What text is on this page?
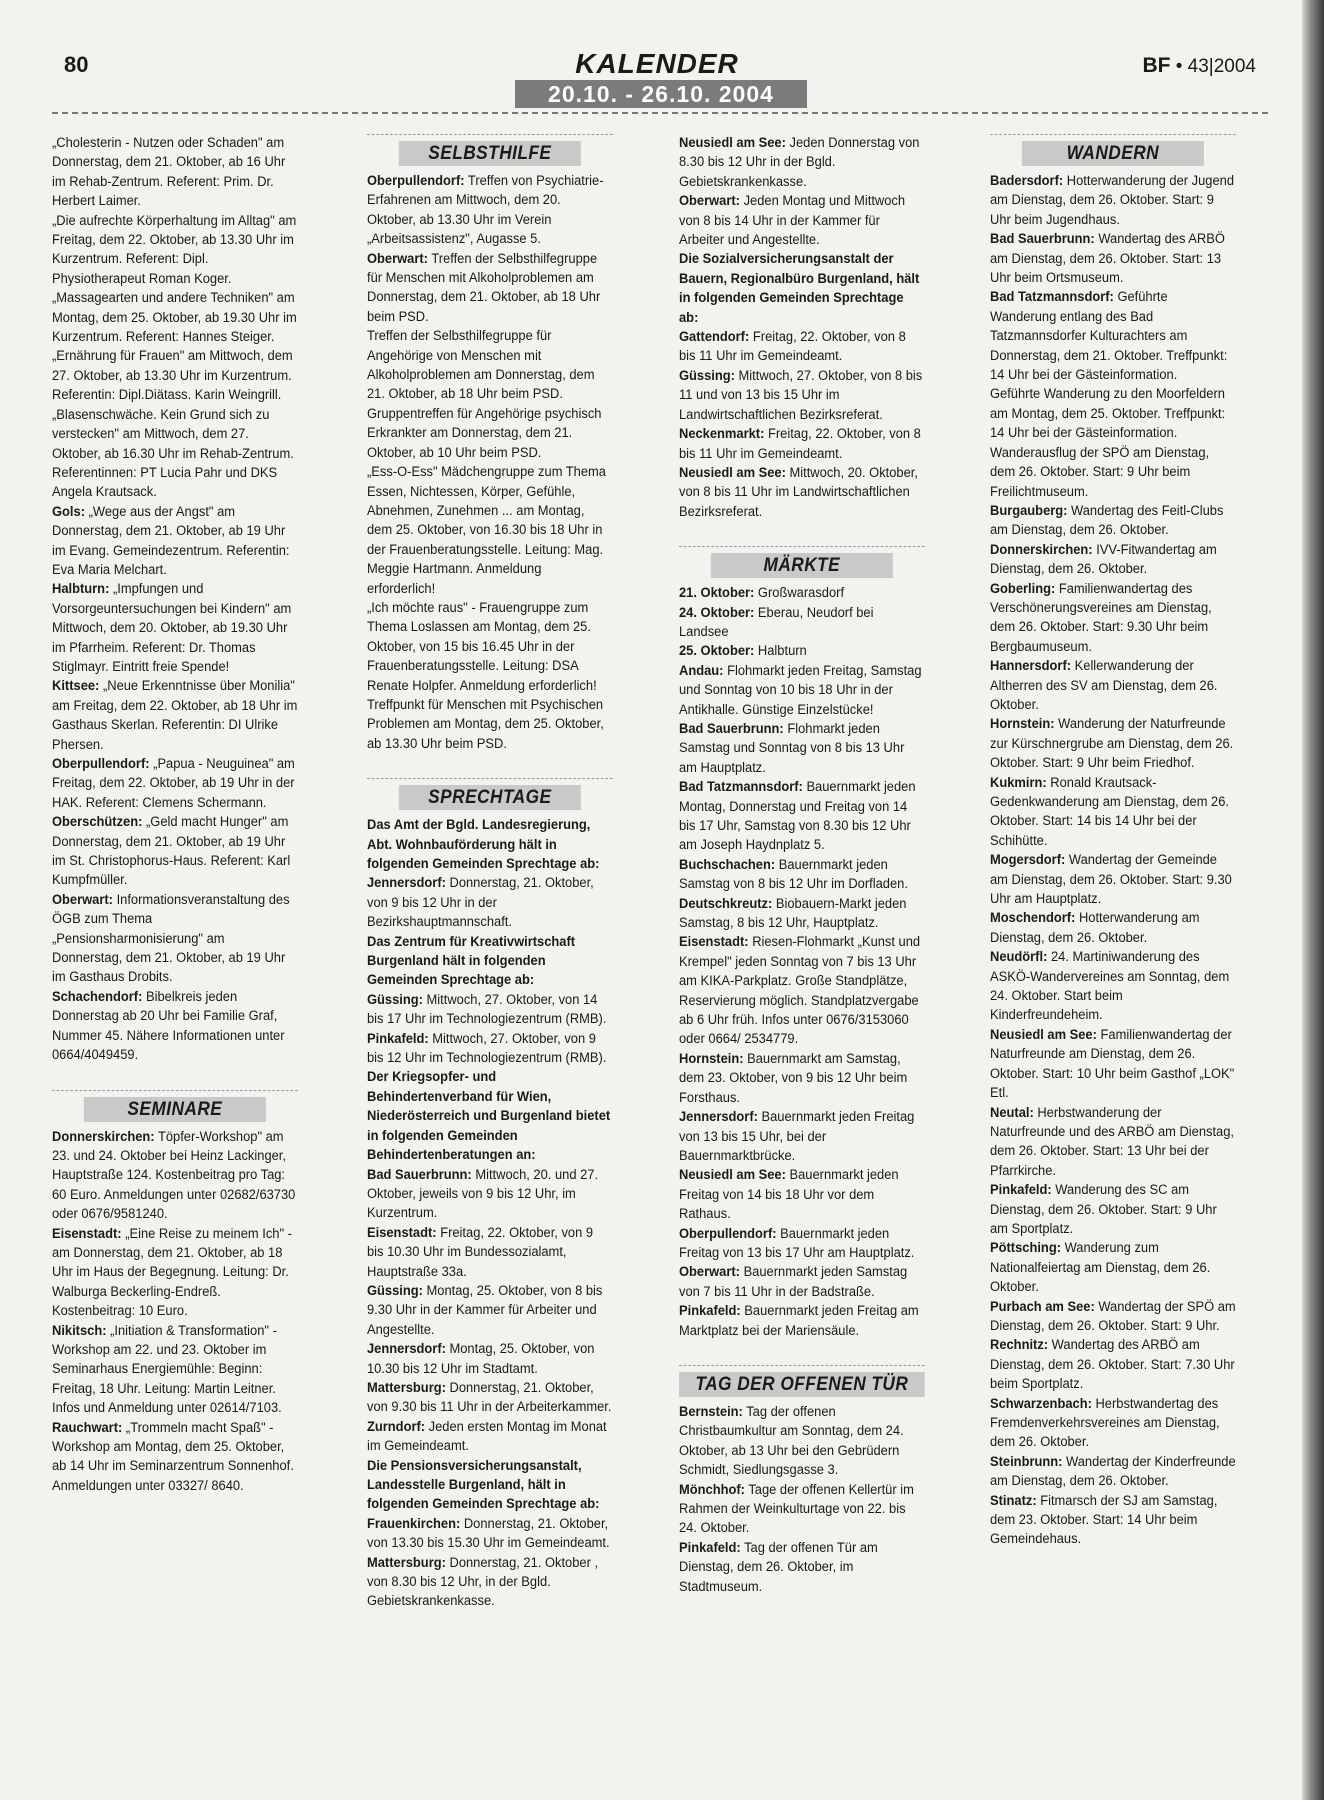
80	KALENDER
20.10. - 26.10. 2004
BF • 43|2004

„Cholesterin - Nutzen oder Schaden" am Donnerstag, dem 21. Oktober, ab 16 Uhr im Rehab-Zentrum. Referent: Prim. Dr. Herbert Laimer.

„Die aufrechte Körperhaltung im Alltag" am Freitag, dem 22. Oktober, ab 13.30 Uhr im Kurzentrum. Referent: Dipl. Physiotherapeut Roman Koger.

„Massagearten und andere Techniken" am Montag, dem 25. Oktober, ab 19.30 Uhr im Kurzentrum. Referent: Hannes Steiger.

„Ernährung für Frauen" am Mittwoch, dem 27. Oktober, ab 13.30 Uhr im Kurzentrum. Referentin: Dipl.Diätass. Karin Weingrill.

„Blasenschwäche. Kein Grund sich zu verstecken" am Mittwoch, dem 27. Oktober, ab 16.30 Uhr im Rehab-Zentrum. Referentinnen: PT Lucia Pahr und DKS Angela Krautsack.

Gols: „Wege aus der Angst" am Donnerstag, dem 21. Oktober, ab 19 Uhr im Evang. Gemeindezentrum. Referentin: Eva Maria Melchart.

Halbturn: „Impfungen und Vorsorgeuntersuchungen bei Kindern" am Mittwoch, dem 20. Oktober, ab 19.30 Uhr im Pfarrheim. Referent: Dr. Thomas Stiglmayr. Eintritt freie Spende!

Kittsee: „Neue Erkenntnisse über Monilia" am Freitag, dem 22. Oktober, ab 18 Uhr im Gasthaus Skerlan. Referentin: DI Ulrike Phersen.

Oberpullendorf: „Papua - Neuguinea" am Freitag, dem 22. Oktober, ab 19 Uhr in der HAK. Referent: Clemens Schermann.

Oberschützen: „Geld macht Hunger" am Donnerstag, dem 21. Oktober, ab 19 Uhr im St. Christophorus-Haus. Referent: Karl Kumpfmüller.

Oberwart: Informationsveranstaltung des ÖGB zum Thema „Pensionsharmonisierung" am Donnerstag, dem 21. Oktober, ab 19 Uhr im Gasthaus Drobits.

Schachendorf: Bibelkreis jeden Donnerstag ab 20 Uhr bei Familie Graf, Nummer 45. Nähere Informationen unter 0664/4049459.

SEMINARE

Donnerskirchen: Töpfer-Workshop" am 23. und 24. Oktober bei Heinz Lackinger, Hauptstraße 124. Kostenbeitrag pro Tag: 60 Euro. Anmeldungen unter 02682/63730 oder 0676/9581240.

Eisenstadt: „Eine Reise zu meinem Ich" - am Donnerstag, dem 21. Oktober, ab 18 Uhr im Haus der Begegnung. Leitung: Dr. Walburga Beckerling-Endreß. Kostenbeitrag: 10 Euro.

Nikitsch: „Initiation & Transformation" - Workshop am 22. und 23. Oktober im Seminarhaus Energiemühle: Beginn: Freitag, 18 Uhr. Leitung: Martin Leitner. Infos und Anmeldung unter 02614/7103.

Rauchwart: „Trommeln macht Spaß" - Workshop am Montag, dem 25. Oktober, ab 14 Uhr im Seminarzentrum Sonnenhof. Anmeldungen unter 03327/ 8640.

SELBSTHILFE

Oberpullendorf: Treffen von Psychiatrie-Erfahrenen am Mittwoch, dem 20. Oktober, ab 13.30 Uhr im Verein „Arbeitsassistenz", Augasse 5.

Oberwart: Treffen der Selbsthilfegruppe für Menschen mit Alkoholproblemen am Donnerstag, dem 21. Oktober, ab 18 Uhr beim PSD.

Treffen der Selbsthilfegruppe für Angehörige von Menschen mit Alkoholproblemen am Donnerstag, dem 21. Oktober, ab 18 Uhr beim PSD.

Gruppentreffen für Angehörige psychisch Erkrankter am Donnerstag, dem 21. Oktober, ab 10 Uhr beim PSD.

„Ess-O-Ess" Mädchengruppe zum Thema Essen, Nichtessen, Körper, Gefühle, Abnehmen, Zunehmen ... am Montag, dem 25. Oktober, von 16.30 bis 18 Uhr in der Frauenberatungsstelle. Leitung: Mag. Meggie Hartmann. Anmeldung erforderlich!

„Ich möchte raus" - Frauengruppe zum Thema Loslassen am Montag, dem 25. Oktober, von 15 bis 16.45 Uhr in der Frauenberatungsstelle. Leitung: DSA Renate Holpfer. Anmeldung erforderlich!

Treffpunkt für Menschen mit Psychischen Problemen am Montag, dem 25. Oktober, ab 13.30 Uhr beim PSD.

SPRECHTAGE

Das Amt der Bgld. Landesregierung, Abt. Wohnbauförderung hält in folgenden Gemeinden Sprechtage ab:

Jennersdorf: Donnerstag, 21. Oktober, von 9 bis 12 Uhr in der Bezirkshauptmannschaft.

Das Zentrum für Kreativwirtschaft Burgenland hält in folgenden Gemeinden Sprechtage ab:

Güssing: Mittwoch, 27. Oktober, von 14 bis 17 Uhr im Technologiezentrum (RMB).

Pinkafeld: Mittwoch, 27. Oktober, von 9 bis 12 Uhr im Technologiezentrum (RMB).

Der Kriegsopfer- und Behindertenverband für Wien, Niederösterreich und Burgenland bietet in folgenden Gemeinden Behindertenberatungen an:

Bad Sauerbrunn: Mittwoch, 20. und 27. Oktober, jeweils von 9 bis 12 Uhr, im Kurzentrum.

Eisenstadt: Freitag, 22. Oktober, von 9 bis 10.30 Uhr im Bundessozialamt, Hauptstraße 33a.

Güssing: Montag, 25. Oktober, von 8 bis 9.30 Uhr in der Kammer für Arbeiter und Angestellte.

Jennersdorf: Montag, 25. Oktober, von 10.30 bis 12 Uhr im Stadtamt.

Mattersburg: Donnerstag, 21. Oktober, von 9.30 bis 11 Uhr in der Arbeiterkammer.

Zurndorf: Jeden ersten Montag im Monat im Gemeindeamt.

Die Pensionsversicherungsanstalt, Landesstelle Burgenland, hält in folgenden Gemeinden Sprechtage ab:

Frauenkirchen: Donnerstag, 21. Oktober, von 13.30 bis 15.30 Uhr im Gemeindeamt.

Mattersburg: Donnerstag, 21. Oktober , von 8.30 bis 12 Uhr, in der Bgld. Gebietskrankenkasse.

Neusiedl am See: Jeden Donnerstag von 8.30 bis 12 Uhr in der Bgld. Gebietskrankenkasse.

Oberwart: Jeden Montag und Mittwoch von 8 bis 14 Uhr in der Kammer für Arbeiter und Angestellte.

Die Sozialversicherungsanstalt der Bauern, Regionalbüro Burgenland, hält in folgenden Gemeinden Sprechtage ab:

Gattendorf: Freitag, 22. Oktober, von 8 bis 11 Uhr im Gemeindeamt.

Güssing: Mittwoch, 27. Oktober, von 8 bis 11 und von 13 bis 15 Uhr im Landwirtschaftlichen Bezirksreferat.

Neckenmarkt: Freitag, 22. Oktober, von 8 bis 11 Uhr im Gemeindeamt.

Neusiedl am See: Mittwoch, 20. Oktober, von 8 bis 11 Uhr im Landwirtschaftlichen Bezirksreferat.

MÄRKTE

21. Oktober: Großwarasdorf

24. Oktober: Eberau, Neudorf bei Landsee

25. Oktober: Halbturn

Andau: Flohmarkt jeden Freitag, Samstag und Sonntag von 10 bis 18 Uhr in der Antikhalle. Günstige Einzelstücke!

Bad Sauerbrunn: Flohmarkt jeden Samstag und Sonntag von 8 bis 13 Uhr am Hauptplatz.

Bad Tatzmannsdorf: Bauernmarkt jeden Montag, Donnerstag und Freitag von 14 bis 17 Uhr, Samstag von 8.30 bis 12 Uhr am Joseph Haydnplatz 5.

Buchschachen: Bauernmarkt jeden Samstag von 8 bis 12 Uhr im Dorfladen.

Deutschkreutz: Biobauern-Markt jeden Samstag, 8 bis 12 Uhr, Hauptplatz.

Eisenstadt: Riesen-Flohmarkt „Kunst und Krempel" jeden Sonntag von 7 bis 13 Uhr am KIKA-Parkplatz. Große Standplätze, Reservierung möglich. Standplatzvergabe ab 6 Uhr früh. Infos unter 0676/3153060 oder 0664/ 2534779.

Hornstein: Bauernmarkt am Samstag, dem 23. Oktober, von 9 bis 12 Uhr beim Forsthaus.

Jennersdorf: Bauernmarkt jeden Freitag von 13 bis 15 Uhr, bei der Bauernmarktbrücke.

Neusiedl am See: Bauernmarkt jeden Freitag von 14 bis 18 Uhr vor dem Rathaus.

Oberpullendorf: Bauernmarkt jeden Freitag von 13 bis 17 Uhr am Hauptplatz.

Oberwart: Bauernmarkt jeden Samstag von 7 bis 11 Uhr in der Badstraße.

Pinkafeld: Bauernmarkt jeden Freitag am Marktplatz bei der Mariensäule.

TAG DER OFFENEN TÜR

Bernstein: Tag der offenen Christbaumkultur am Sonntag, dem 24. Oktober, ab 13 Uhr bei den Gebrüdern Schmidt, Siedlungsgasse 3.

Mönchhof: Tage der offenen Kellertür im Rahmen der Weinkulturtage von 22. bis 24. Oktober.

Pinkafeld: Tag der offenen Tür am Dienstag, dem 26. Oktober, im Stadtmuseum.

WANDERN

Badersdorf: Hotterwanderung der Jugend am Dienstag, dem 26. Oktober. Start: 9 Uhr beim Jugendhaus.

Bad Sauerbrunn: Wandertag des ARBÖ am Dienstag, dem 26. Oktober. Start: 13 Uhr beim Ortsmuseum.

Bad Tatzmannsdorf: Geführte Wanderung entlang des Bad Tatzmannsdorfer Kulturachters am Donnerstag, dem 21. Oktober. Treffpunkt: 14 Uhr bei der Gästeinformation.

Geführte Wanderung zu den Moorfeldern am Montag, dem 25. Oktober. Treffpunkt: 14 Uhr bei der Gästeinformation.

Wanderausflug der SPÖ am Dienstag, dem 26. Oktober. Start: 9 Uhr beim Freilichtmuseum.

Burgauberg: Wandertag des Feitl-Clubs am Dienstag, dem 26. Oktober.

Donnerskirchen: IVV-Fitwandertag am Dienstag, dem 26. Oktober.

Goberling: Familienwandertag des Verschönerungsvereines am Dienstag, dem 26. Oktober. Start: 9.30 Uhr beim Bergbaumuseum.

Hannersdorf: Kellerwanderung der Altherren des SV am Dienstag, dem 26. Oktober.

Hornstein: Wanderung der Naturfreunde zur Kürschnergrube am Dienstag, dem 26. Oktober. Start: 9 Uhr beim Friedhof.

Kukmirn: Ronald Krautsack-Gedenkwanderung am Dienstag, dem 26. Oktober. Start: 14 bis 14 Uhr bei der Schihütte.

Mogersdorf: Wandertag der Gemeinde am Dienstag, dem 26. Oktober. Start: 9.30 Uhr am Hauptplatz.

Moschendorf: Hotterwanderung am Dienstag, dem 26. Oktober.

Neudörfl: 24. Martiniwanderung des ASKÖ-Wandervereines am Sonntag, dem 24. Oktober. Start beim Kinderfreundeheim.

Neusiedl am See: Familienwandertag der Naturfreunde am Dienstag, dem 26. Oktober. Start: 10 Uhr beim Gasthof „LOK" Etl.

Neutal: Herbstwanderung der Naturfreunde und des ARBÖ am Dienstag, dem 26. Oktober. Start: 13 Uhr bei der Pfarrkirche.

Pinkafeld: Wanderung des SC am Dienstag, dem 26. Oktober. Start: 9 Uhr am Sportplatz.

Pöttsching: Wanderung zum Nationalfeiertag am Dienstag, dem 26. Oktober.

Purbach am See: Wandertag der SPÖ am Dienstag, dem 26. Oktober. Start: 9 Uhr.

Rechnitz: Wandertag des ARBÖ am Dienstag, dem 26. Oktober. Start: 7.30 Uhr beim Sportplatz.

Schwarzenbach: Herbstwandertag des Fremdenverkehrsvereines am Dienstag, dem 26. Oktober.

Steinbrunn: Wandertag der Kinderfreunde am Dienstag, dem 26. Oktober.

Stinatz: Fitmarsch der SJ am Samstag, dem 23. Oktober. Start: 14 Uhr beim Gemeindehaus.
